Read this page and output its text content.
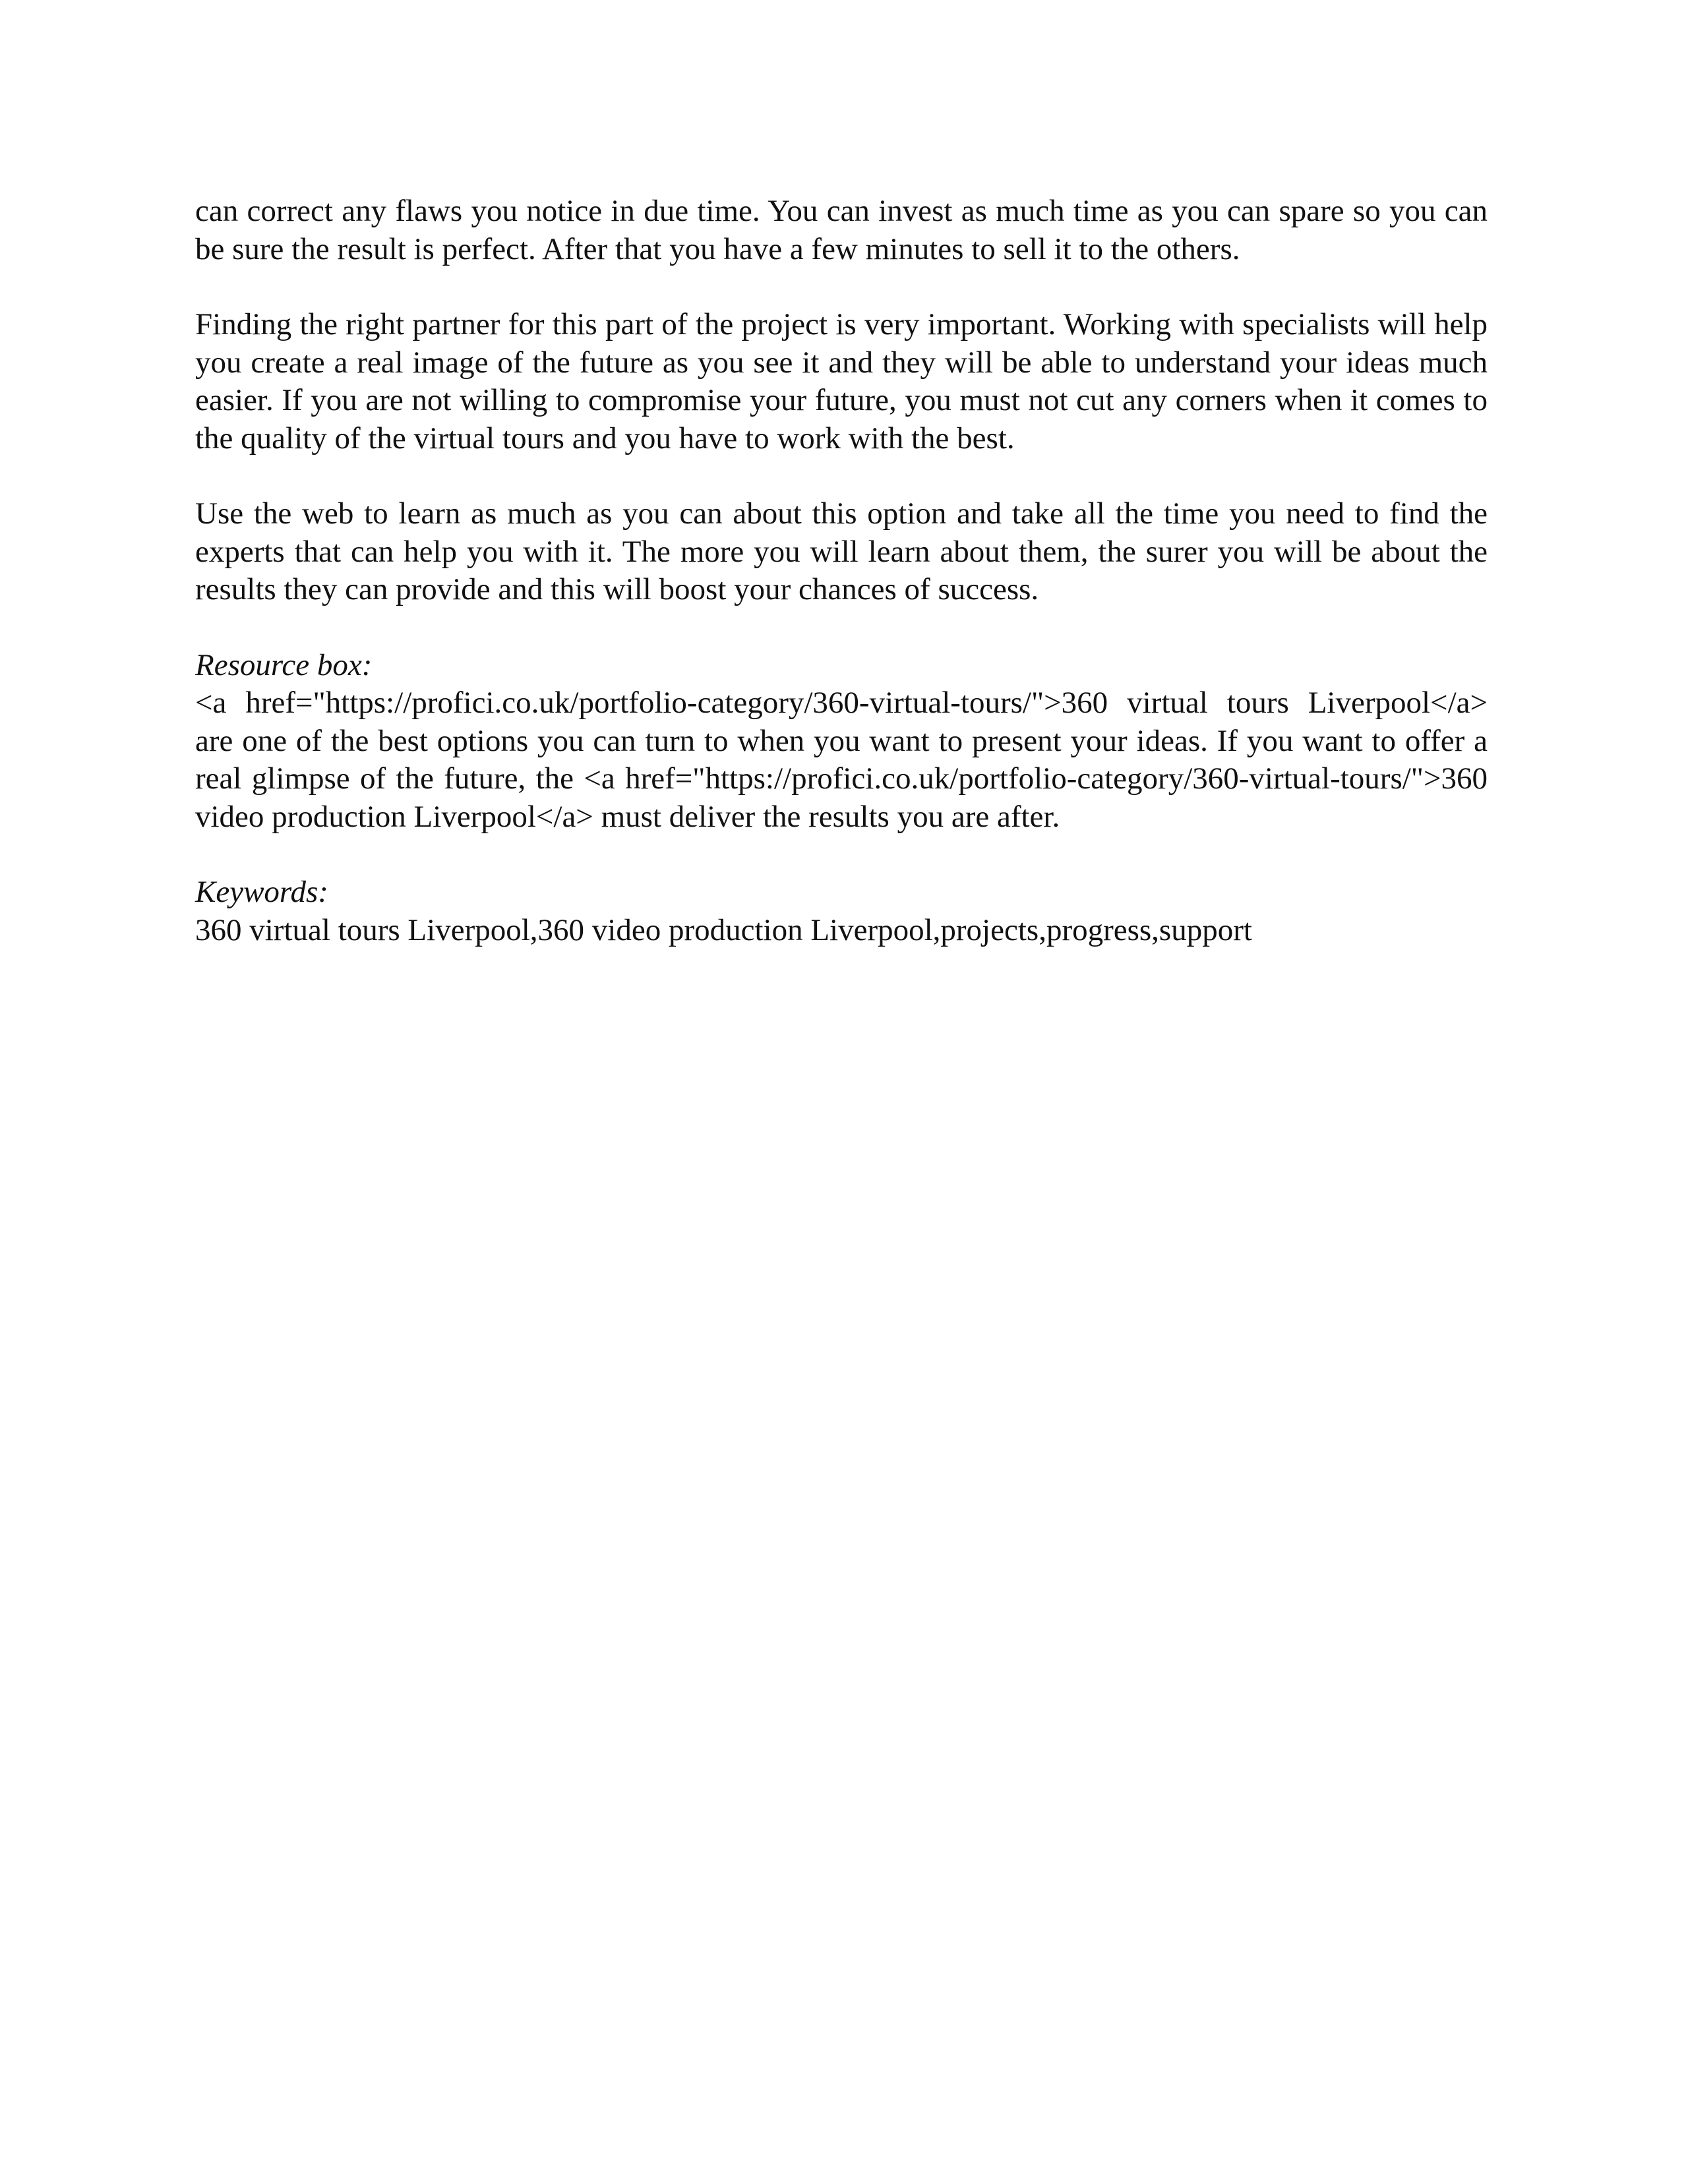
can correct any flaws you notice in due time. You can invest as much time as you can spare so you can be sure the result is perfect. After that you have a few minutes to sell it to the others.

Finding the right partner for this part of the project is very important. Working with specialists will help you create a real image of the future as you see it and they will be able to understand your ideas much easier. If you are not willing to compromise your future, you must not cut any corners when it comes to the quality of the virtual tours and you have to work with the best.

Use the web to learn as much as you can about this option and take all the time you need to find the experts that can help you with it. The more you will learn about them, the surer you will be about the results they can provide and this will boost your chances of success.

Resource box:

<a href="https://profici.co.uk/portfolio-category/360-virtual-tours/">360 virtual tours Liverpool</a> are one of the best options you can turn to when you want to present your ideas. If you want to offer a real glimpse of the future, the <a href="https://profici.co.uk/portfolio-category/360-virtual-tours/">360 video production Liverpool</a> must deliver the results you are after.

Keywords:

360 virtual tours Liverpool,360 video production Liverpool,projects,progress,support
